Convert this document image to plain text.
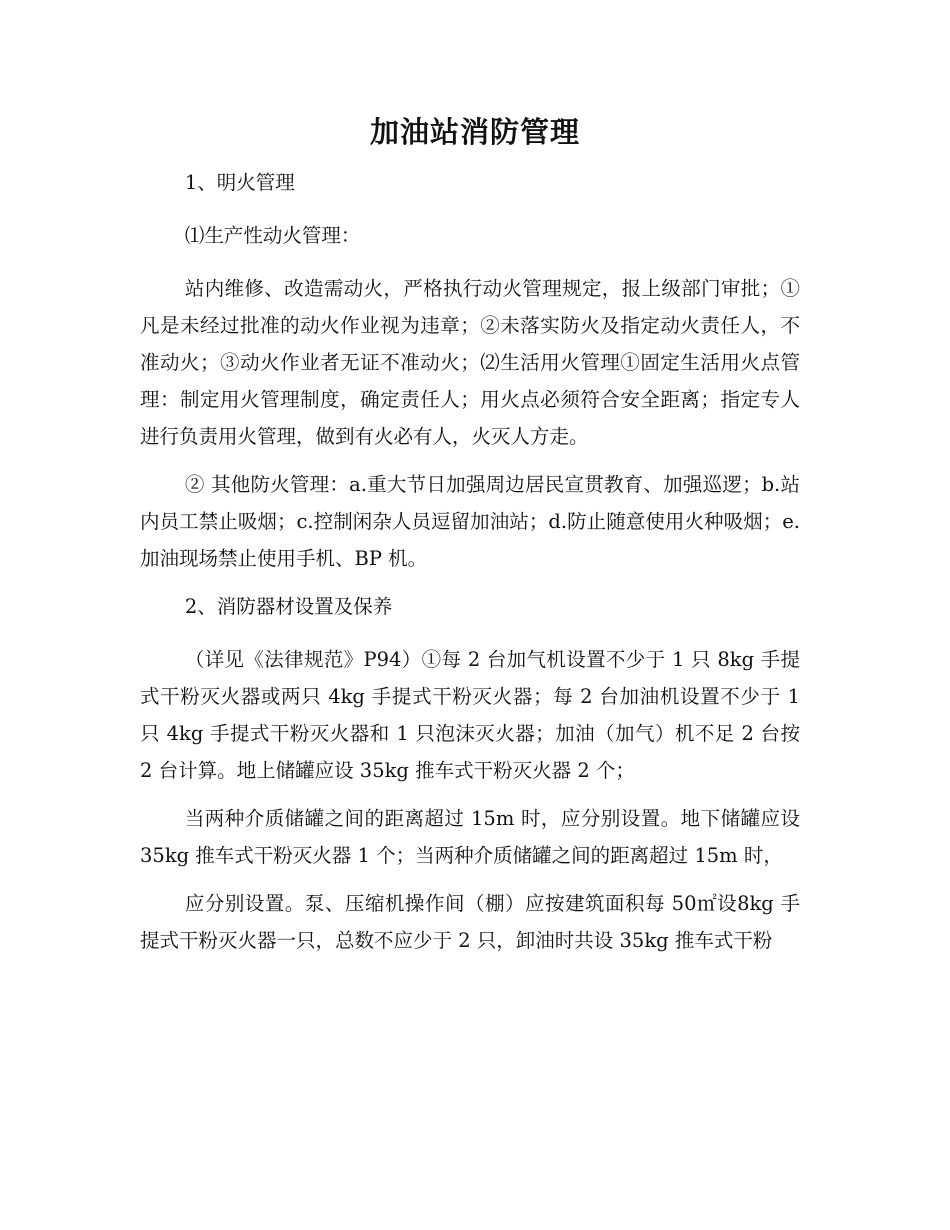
加油站消防管理

1、明火管理

⑴生产性动火管理：

站内维修、改造需动火，严格执行动火管理规定，报上级部门审批；①凡是未经过批准的动火作业视为违章；②未落实防火及指定动火责任人，不准动火；③动火作业者无证不准动火；⑵生活用火管理①固定生活用火点管理：制定用火管理制度，确定责任人；用火点必须符合安全距离；指定专人进行负责用火管理，做到有火必有人，火灭人方走。

② 其他防火管理：a.重大节日加强周边居民宣贯教育、加强巡逻；b.站内员工禁止吸烟；c.控制闲杂人员逗留加油站；d.防止随意使用火种吸烟；e.加油现场禁止使用手机、BP 机。

2、消防器材设置及保养

（详见《法律规范》P94）①每 2 台加气机设置不少于 1 只 8kg 手提式干粉灭火器或两只 4kg 手提式干粉灭火器；每 2 台加油机设置不少于 1 只 4kg 手提式干粉灭火器和 1 只泡沫灭火器；加油（加气）机不足 2 台按 2 台计算。地上储罐应设 35kg 推车式干粉灭火器 2 个；

当两种介质储罐之间的距离超过 15m 时，应分别设置。地下储罐应设 35kg 推车式干粉灭火器 1 个；当两种介质储罐之间的距离超过 15m 时，

应分别设置。泵、压缩机操作间（棚）应按建筑面积每 50㎡设8kg 手提式干粉灭火器一只，总数不应少于 2 只，卸油时共设 35kg 推车式干粉
